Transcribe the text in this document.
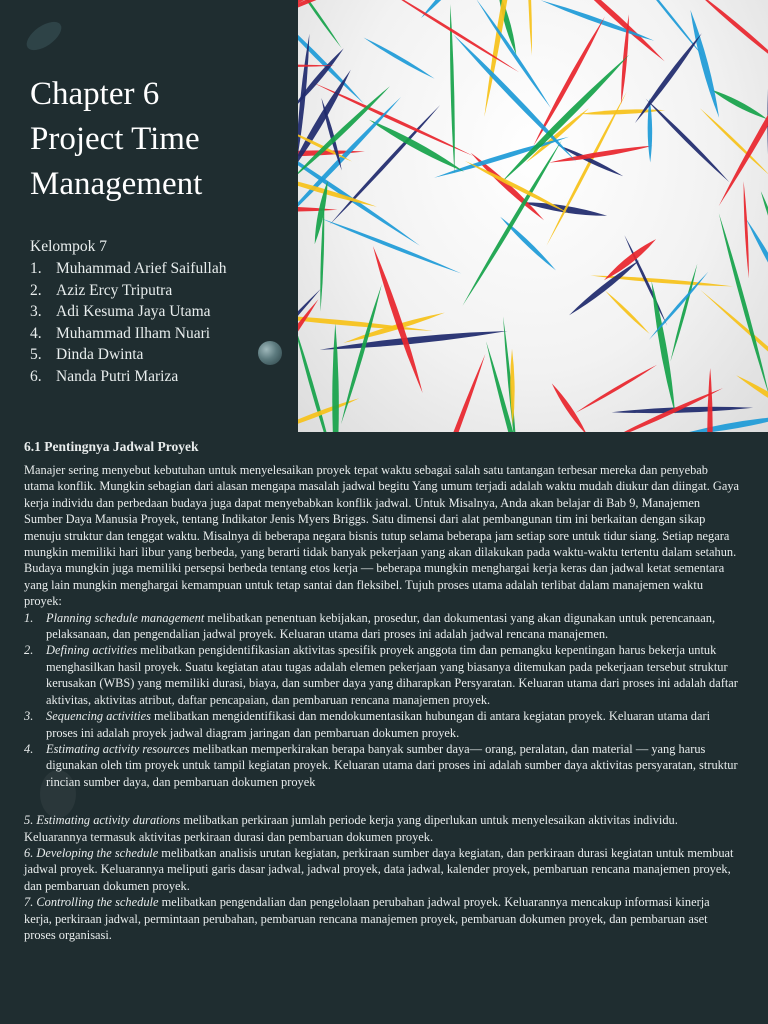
Chapter 6
Project Time
Management
Kelompok 7
1. Muhammad Arief Saifullah
2. Aziz Ercy Triputra
3. Adi Kesuma Jaya Utama
4. Muhammad Ilham Nuari
5. Dinda Dwinta
6. Nanda Putri Mariza
6.1 Pentingnya Jadwal Proyek

Manajer sering menyebut kebutuhan untuk menyelesaikan proyek tepat waktu sebagai salah satu tantangan terbesar mereka dan penyebab utama konflik. Mungkin sebagian dari alasan mengapa masalah jadwal begitu Yang umum terjadi adalah waktu mudah diukur dan diingat. Gaya kerja individu dan perbedaan budaya juga dapat menyebabkan konflik jadwal. Untuk Misalnya, Anda akan belajar di Bab 9, Manajemen Sumber Daya Manusia Proyek, tentang Indikator Jenis Myers Briggs. Satu dimensi dari alat pembangunan tim ini berkaitan dengan sikap menuju struktur dan tenggat waktu. Misalnya di beberapa negara bisnis tutup selama beberapa jam setiap sore untuk tidur siang. Setiap negara mungkin memiliki hari libur yang berbeda, yang berarti tidak banyak pekerjaan yang akan dilakukan pada waktu-waktu tertentu dalam setahun. Budaya mungkin juga memiliki persepsi berbeda tentang etos kerja — beberapa mungkin menghargai kerja keras dan jadwal ketat sementara yang lain mungkin menghargai kemampuan untuk tetap santai dan fleksibel. Tujuh proses utama adalah terlibat dalam manajemen waktu proyek:

1.	Planning schedule management melibatkan penentuan kebijakan, prosedur, dan dokumentasi yang akan digunakan untuk perencanaan, pelaksanaan, dan pengendalian jadwal proyek. Keluaran utama dari proses ini adalah jadwal rencana manajemen.
2.	Defining activities melibatkan pengidentifikasian aktivitas spesifik proyek anggota tim dan pemangku kepentingan harus bekerja untuk menghasilkan hasil proyek. Suatu kegiatan atau tugas adalah elemen pekerjaan yang biasanya ditemukan pada pekerjaan tersebut struktur kerusakan (WBS) yang memiliki durasi, biaya, dan sumber daya yang diharapkan Persyaratan. Keluaran utama dari proses ini adalah daftar aktivitas, aktivitas atribut, daftar pencapaian, dan pembaruan rencana manajemen proyek.
3.	Sequencing activities melibatkan mengidentifikasi dan mendokumentasikan hubungan di antara kegiatan proyek. Keluaran utama dari proses ini adalah proyek jadwal diagram jaringan dan pembaruan dokumen proyek.
4.	Estimating activity resources melibatkan memperkirakan berapa banyak sumber daya— orang, peralatan, dan material — yang harus digunakan oleh tim proyek untuk tampil kegiatan proyek. Keluaran utama dari proses ini adalah sumber daya aktivitas persyaratan, struktur rincian sumber daya, dan pembaruan dokumen proyek

5. Estimating activity durations melibatkan perkiraan jumlah periode kerja yang diperlukan untuk menyelesaikan aktivitas individu. Keluarannya termasuk aktivitas perkiraan durasi dan pembaruan dokumen proyek.

6. Developing the schedule melibatkan analisis urutan kegiatan, perkiraan sumber daya kegiatan, dan perkiraan durasi kegiatan untuk membuat jadwal proyek. Keluarannya meliputi garis dasar jadwal, jadwal proyek, data jadwal, kalender proyek, pembaruan rencana manajemen proyek, dan pembaruan dokumen proyek.

7. Controlling the schedule melibatkan pengendalian dan pengelolaan perubahan jadwal proyek. Keluarannya mencakup informasi kinerja kerja, perkiraan jadwal, permintaan perubahan, pembaruan rencana manajemen proyek, pembaruan dokumen proyek, dan pembaruan aset proses organisasi.
